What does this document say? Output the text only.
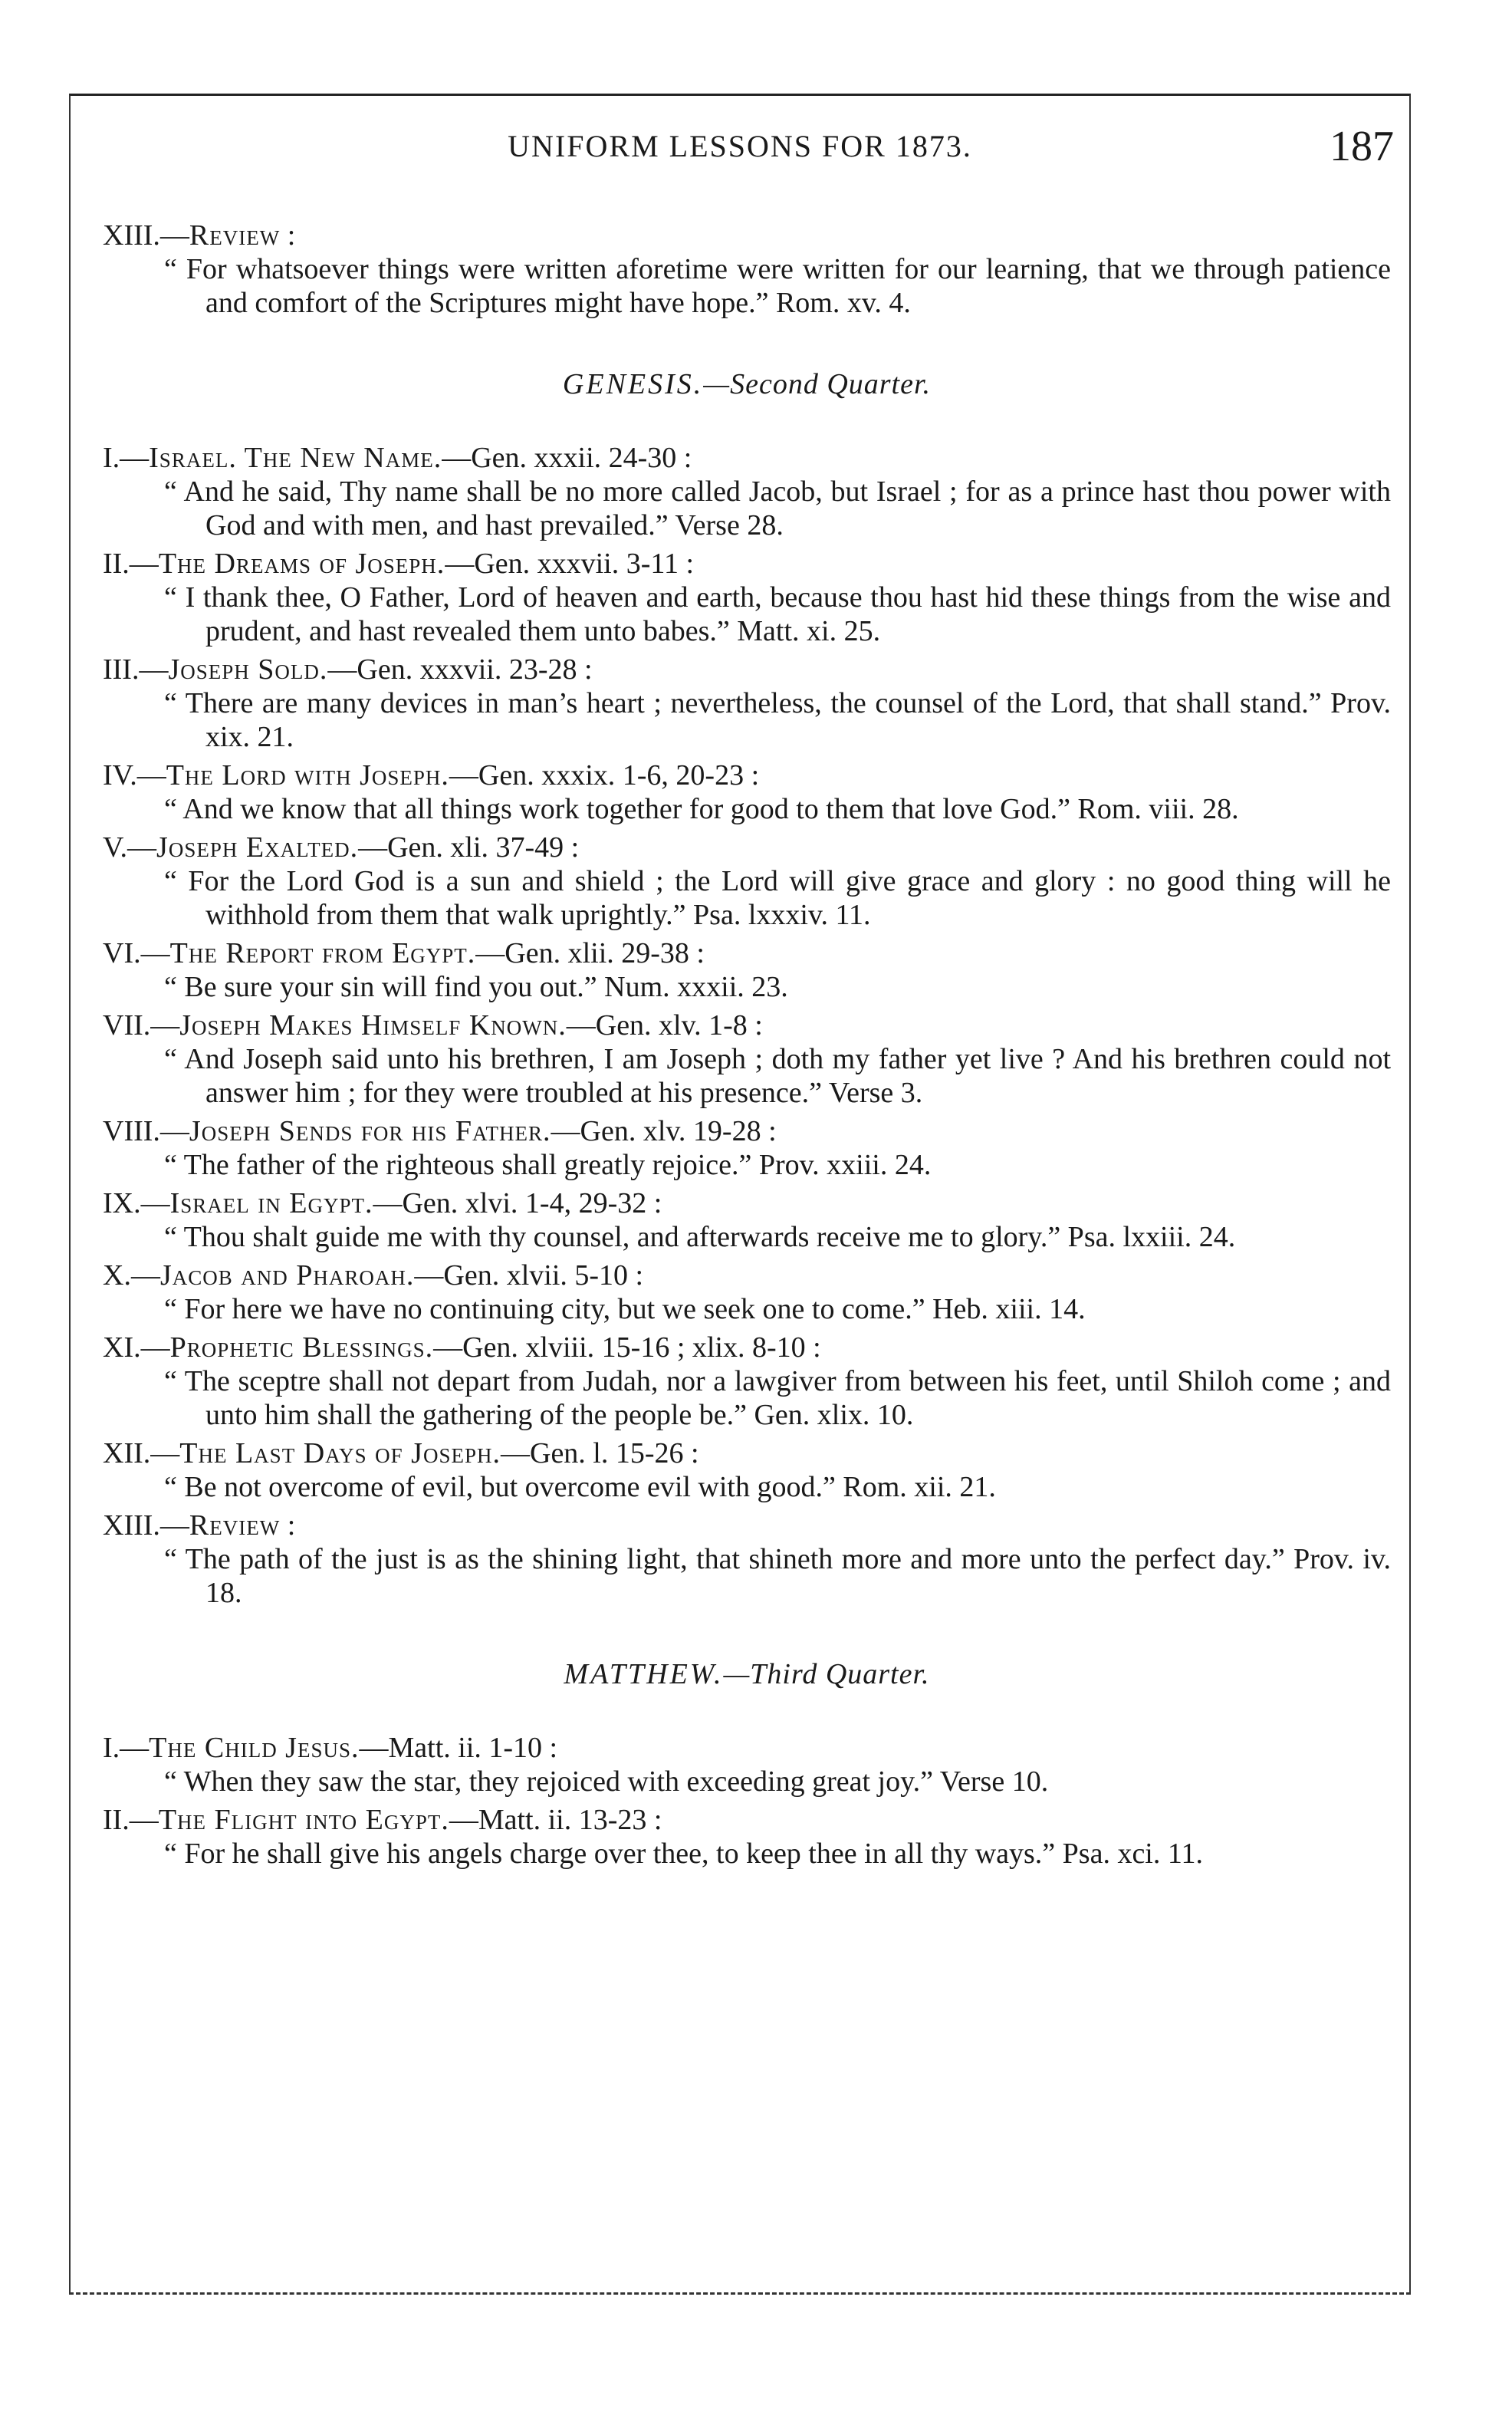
UNIFORM LESSONS FOR 1873.	187
XIII.—Review :
“ For whatsoever things were written aforetime were written for our learning, that we through patience and comfort of the Scriptures might have hope.” Rom. xv. 4.
GENESIS.—Second Quarter.
I.—Israel. The New Name.—Gen. xxxii. 24-30 :
“ And he said, Thy name shall be no more called Jacob, but Israel ; for as a prince hast thou power with God and with men, and hast prevailed.” Verse 28.
II.—The Dreams of Joseph.—Gen. xxxvii. 3-11 :
“ I thank thee, O Father, Lord of heaven and earth, because thou hast hid these things from the wise and prudent, and hast revealed them unto babes.” Matt. xi. 25.
III.—Joseph Sold.—Gen. xxxvii. 23-28 :
“ There are many devices in man’s heart ; nevertheless, the counsel of the Lord, that shall stand.” Prov. xix. 21.
IV.—The Lord with Joseph.—Gen. xxxix. 1-6, 20-23 :
“ And we know that all things work together for good to them that love God.” Rom. viii. 28.
V.—Joseph Exalted.—Gen. xli. 37-49 :
“ For the Lord God is a sun and shield ; the Lord will give grace and glory : no good thing will he withhold from them that walk uprightly.” Psa. lxxxiv. 11.
VI.—The Report from Egypt.—Gen. xlii. 29-38 :
“ Be sure your sin will find you out.” Num. xxxii. 23.
VII.—Joseph Makes Himself Known.—Gen. xlv. 1-8 :
“ And Joseph said unto his brethren, I am Joseph ; doth my father yet live ? And his brethren could not answer him ; for they were troubled at his presence.” Verse 3.
VIII.—Joseph Sends for his Father.—Gen. xlv. 19-28 :
“ The father of the righteous shall greatly rejoice.” Prov. xxiii. 24.
IX.—Israel in Egypt.—Gen. xlvi. 1-4, 29-32 :
“ Thou shalt guide me with thy counsel, and afterwards receive me to glory.” Psa. lxxiii. 24.
X.—Jacob and Pharoah.—Gen. xlvii. 5-10 :
“ For here we have no continuing city, but we seek one to come.” Heb. xiii. 14.
XI.—Prophetic Blessings.—Gen. xlviii. 15-16 ; xlix. 8-10 :
“ The sceptre shall not depart from Judah, nor a lawgiver from between his feet, until Shiloh come ; and unto him shall the gathering of the people be.” Gen. xlix. 10.
XII.—The Last Days of Joseph.—Gen. l. 15-26 :
“ Be not overcome of evil, but overcome evil with good.” Rom. xii. 21.
XIII.—Review :
“ The path of the just is as the shining light, that shineth more and more unto the perfect day.” Prov. iv. 18.
MATTHEW.—Third Quarter.
I.—The Child Jesus.—Matt. ii. 1-10 :
“ When they saw the star, they rejoiced with exceeding great joy.” Verse 10.
II.—The Flight into Egypt.—Matt. ii. 13-23 :
“ For he shall give his angels charge over thee, to keep thee in all thy ways.” Psa. xci. 11.
